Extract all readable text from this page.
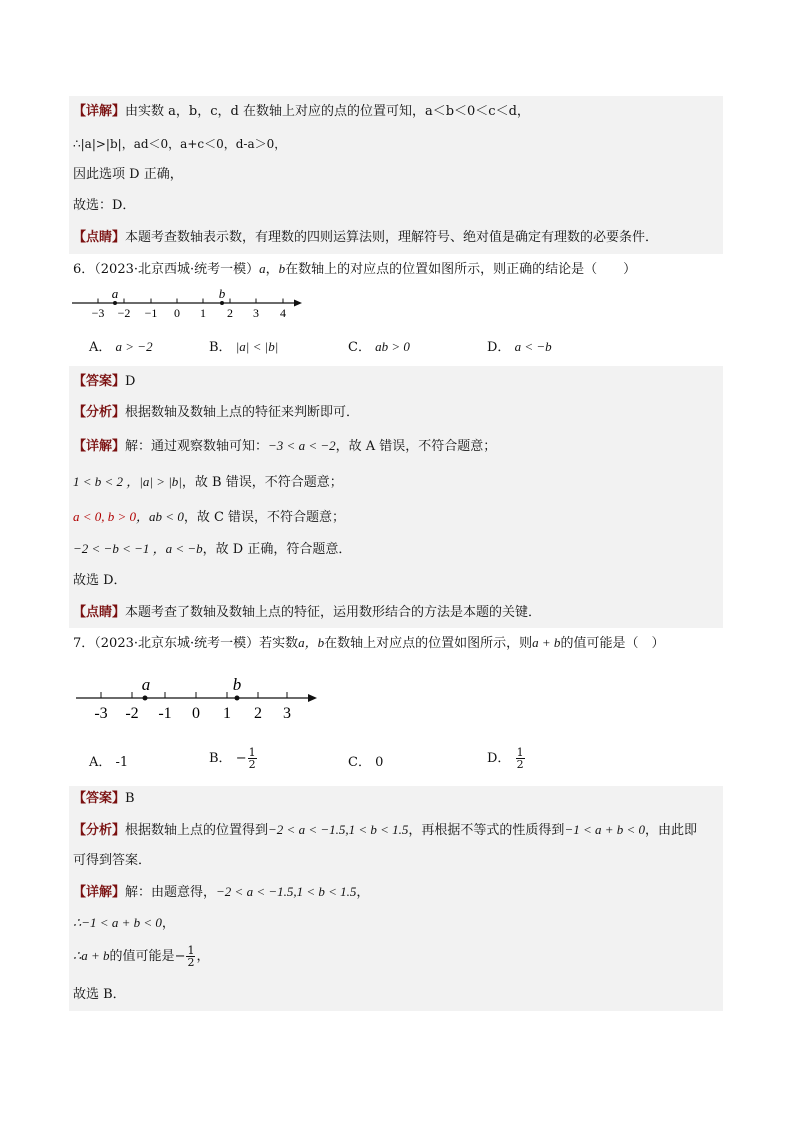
【详解】由实数 a，b，c，d 在数轴上对应的点的位置可知，a＜b＜0＜c＜d，
∴|a|>|b|，ad＜0，a+c＜0，d-a＞0，
因此选项 D 正确，
故选：D．
【点睛】本题考查数轴表示数，有理数的四则运算法则，理解符号、绝对值是确定有理数的必要条件．
6．（2023·北京西城·统考一模）a，b在数轴上的对应点的位置如图所示，则正确的结论是（　　）
−3 −2 −1 0 1 2 3 4
a	b
A． a > −2	B． |a| < |b|	C． ab > 0	D． a < −b
【答案】D
【分析】根据数轴及数轴上点的特征来判断即可．
【详解】解：通过观察数轴可知：−3 < a < −2，故 A 错误，不符合题意；
1 < b < 2 ，|a| > |b|，故 B 错误，不符合题意；
a < 0, b > 0，ab < 0，故 C 错误，不符合题意；
−2 < −b < −1 ，a < −b，故 D 正确，符合题意．
故选 D．
【点睛】本题考查了数轴及数轴上点的特征，运用数形结合的方法是本题的关键．
7．（2023·北京东城·统考一模）若实数a，b在数轴上对应点的位置如图所示，则a + b的值可能是（　）
-3 -2 -1 0 1 2 3
a	b
A． -1	B． − $\frac{1}{2}$	C． 0	D． $\frac{1}{2}$
【答案】B
【分析】根据数轴上点的位置得到−2 < a < −1.5,1 < b < 1.5，再根据不等式的性质得到−1 < a + b < 0，由此即
可得到答案．
【详解】解：由题意得，−2 < a < −1.5,1 < b < 1.5，
∴−1 < a + b < 0，
∴a + b的值可能是− $\frac{1}{2}$ ，
故选 B．
